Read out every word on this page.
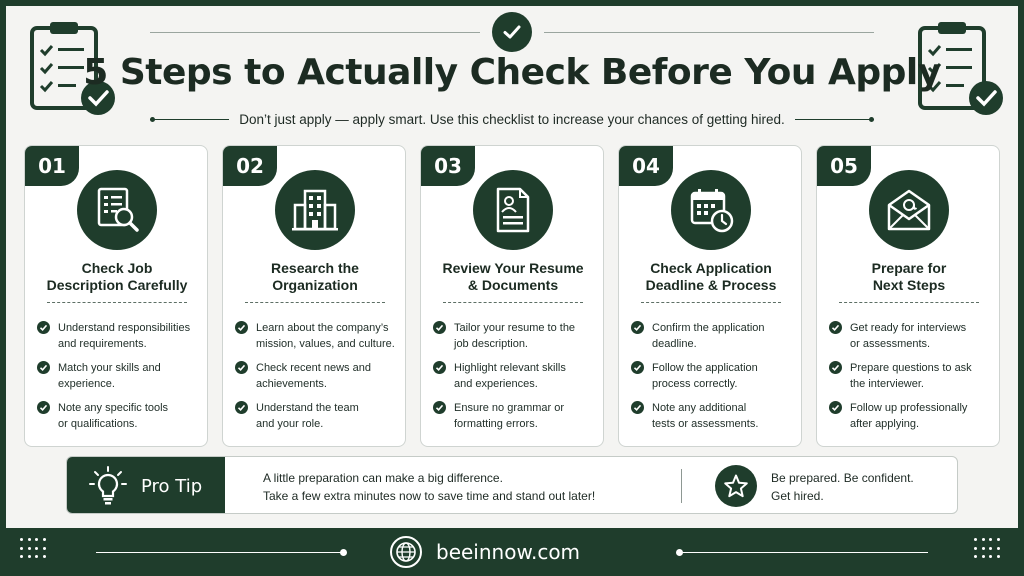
5 Steps to Actually Check Before You Apply
Don’t just apply — apply smart. Use this checklist to increase your chances of getting hired.
01
Check Job
Description Carefully
Understand responsibilities
and requirements.
Match your skills and
experience.
Note any specific tools
or qualifications.
02
Research the
Organization
Learn about the company’s
mission, values, and culture.
Check recent news and
achievements.
Understand the team
and your role.
03
Review Your Resume
& Documents
Tailor your resume to the
job description.
Highlight relevant skills
and experiences.
Ensure no grammar or
formatting errors.
04
Check Application
Deadline & Process
Confirm the application
deadline.
Follow the application
process correctly.
Note any additional
tests or assessments.
05
Prepare for
Next Steps
Get ready for interviews
or assessments.
Prepare questions to ask
the interviewer.
Follow up professionally
after applying.
Pro Tip	A little preparation can make a big difference.
Take a few extra minutes now to save time and stand out later!
Be prepared. Be confident.
Get hired.
beeinnow.com
